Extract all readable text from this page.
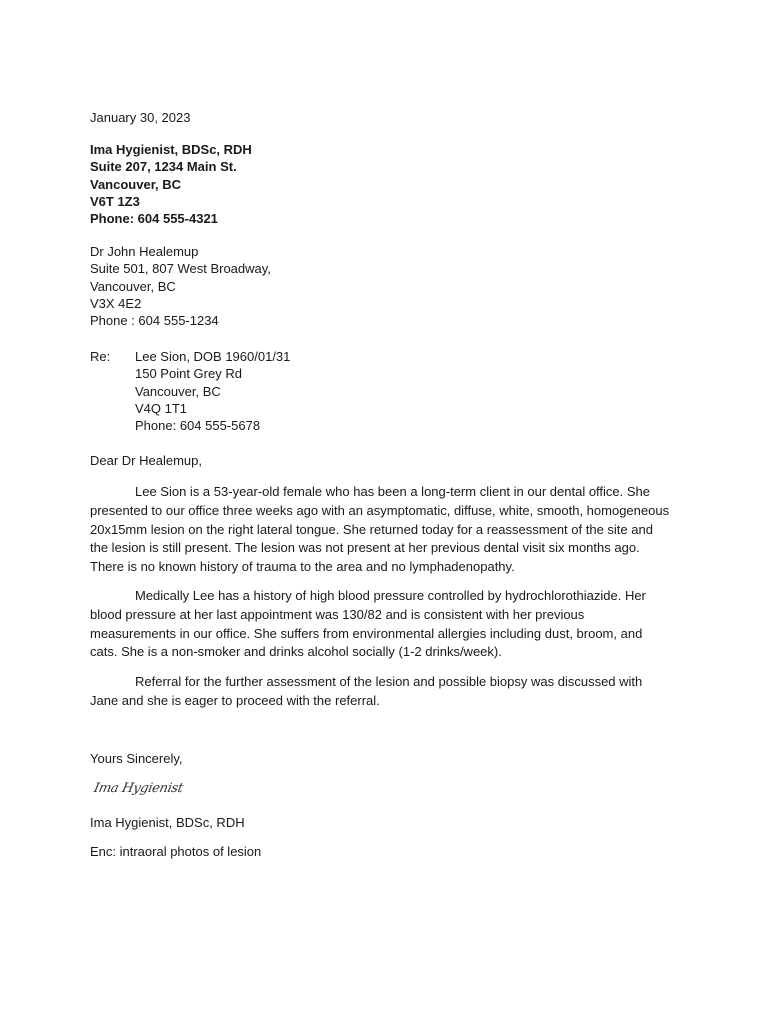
January 30, 2023
Ima Hygienist, BDSc, RDH
Suite 207, 1234 Main St.
Vancouver, BC
V6T 1Z3
Phone: 604 555-4321
Dr John Healemup
Suite 501, 807 West Broadway,
Vancouver, BC
V3X 4E2
Phone : 604 555-1234
Re: Lee Sion, DOB 1960/01/31
150 Point Grey Rd
Vancouver, BC
V4Q 1T1
Phone: 604 555-5678
Dear Dr Healemup,

Lee Sion is a 53-year-old female who has been a long-term client in our dental office. She presented to our office three weeks ago with an asymptomatic, diffuse, white, smooth, homogeneous 20x15mm lesion on the right lateral tongue. She returned today for a reassessment of the site and the lesion is still present. The lesion was not present at her previous dental visit six months ago. There is no known history of trauma to the area and no lymphadenopathy.

Medically Lee has a history of high blood pressure controlled by hydrochlorothiazide. Her blood pressure at her last appointment was 130/82 and is consistent with her previous measurements in our office. She suffers from environmental allergies including dust, broom, and cats. She is a non-smoker and drinks alcohol socially (1-2 drinks/week).

Referral for the further assessment of the lesion and possible biopsy was discussed with Jane and she is eager to proceed with the referral.

Yours Sincerely,
Ima Hygienist
Ima Hygienist, BDSc, RDH
Enc: intraoral photos of lesion
